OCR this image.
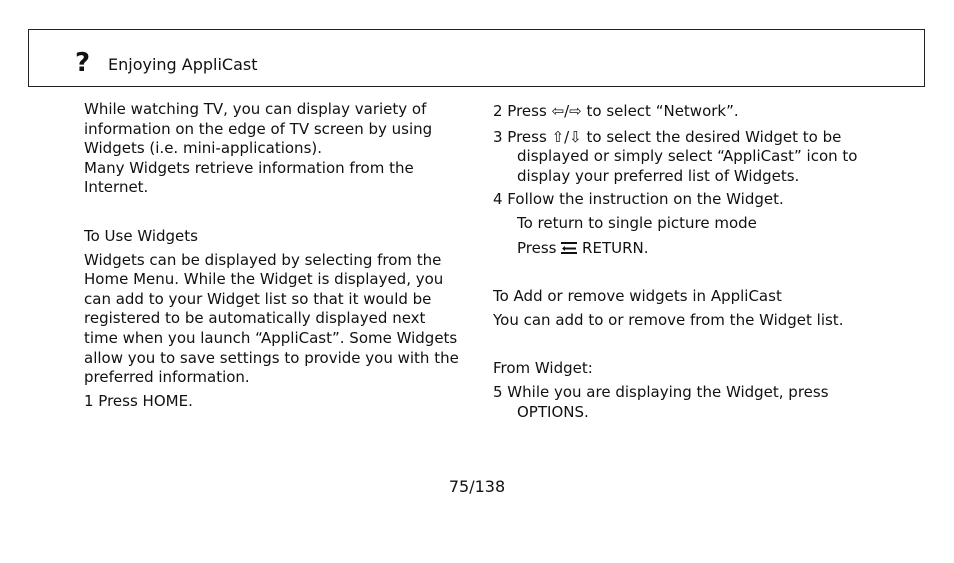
? Enjoying AppliCast

While watching TV, you can display variety of information on the edge of TV screen by using Widgets (i.e. mini-applications).

Many Widgets retrieve information from the Internet.

To Use Widgets

Widgets can be displayed by selecting from the Home Menu. While the Widget is displayed, you can add to your Widget list so that it would be registered to be automatically displayed next time when you launch “AppliCast”. Some Widgets allow you to save settings to provide you with the preferred information.

1 Press HOME.

2 Press ⇦/⇨ to select “Network”.

3 Press ⇧/⇩ to select the desired Widget to be displayed or simply select “AppliCast” icon to display your preferred list of Widgets.

4 Follow the instruction on the Widget.

To return to single picture mode

Press RETURN.

To Add or remove widgets in AppliCast

You can add to or remove from the Widget list.

From Widget:

5 While you are displaying the Widget, press OPTIONS.

75/138
